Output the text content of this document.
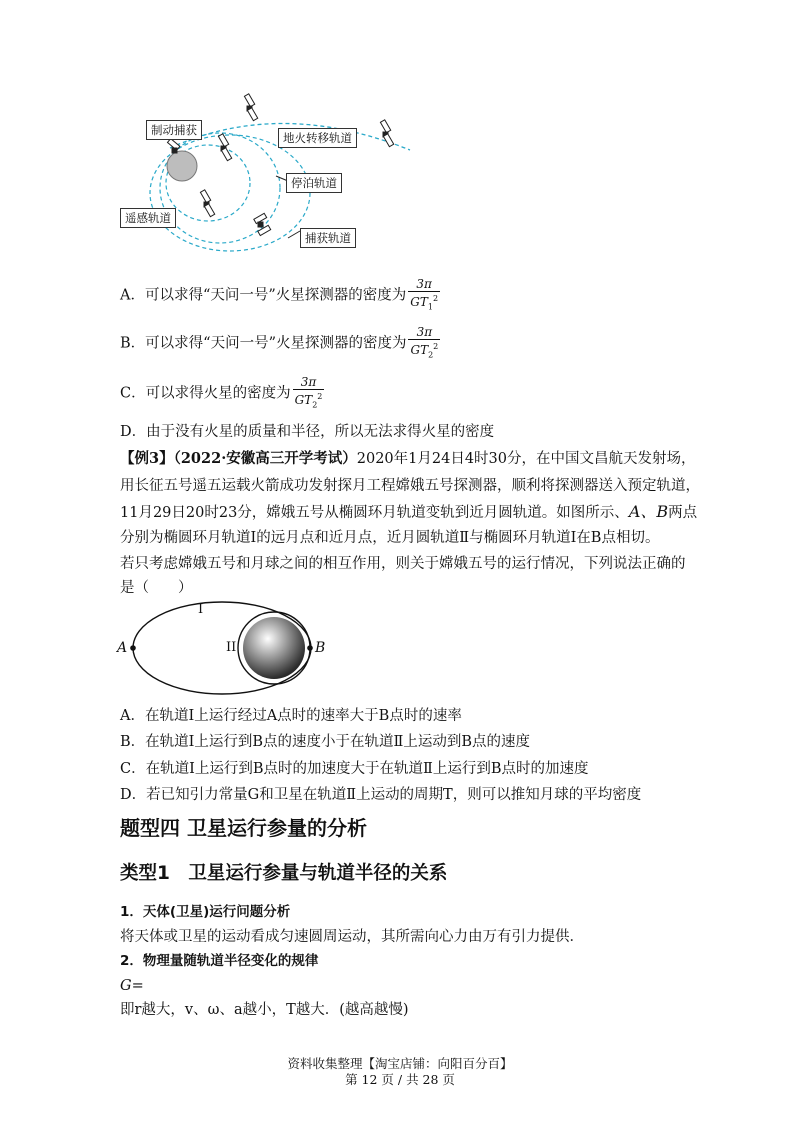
制动捕获
地火转移轨道
停泊轨道
遥感轨道
捕获轨道
A．可以求得“天问一号”火星探测器的密度为 $\frac{3\pi}{GT_1^2}$
B．可以求得“天问一号”火星探测器的密度为 $\frac{3\pi}{GT_2^2}$
C．可以求得火星的密度为 $\frac{3\pi}{GT_2^2}$
D．由于没有火星的质量和半径，所以无法求得火星的密度
【例3】（2022·安徽高三开学考试）2020年1月24日4时30分，在中国文昌航天发射场，
用长征五号遥五运载火箭成功发射探月工程嫦娥五号探测器，顺利将探测器送入预定轨道，
11月29日20时23分，嫦娥五号从椭圆环月轨道变轨到近月圆轨道。如图所示、A、B两点
分别为椭圆环月轨道Ⅰ的远月点和近月点，近月圆轨道Ⅱ与椭圆环月轨道Ⅰ在B点相切。
若只考虑嫦娥五号和月球之间的相互作用，则关于嫦娥五号的运行情况，下列说法正确的
是（　　）
I
II
A	B
A．在轨道Ⅰ上运行经过A点时的速率大于B点时的速率
B．在轨道Ⅰ上运行到B点的速度小于在轨道Ⅱ上运动到B点的速度
C．在轨道Ⅰ上运行到B点时的加速度大于在轨道Ⅱ上运行到B点时的加速度
D．若已知引力常量G和卫星在轨道Ⅱ上运动的周期T，则可以推知月球的平均密度
题型四 卫星运行参量的分析
类型1　卫星运行参量与轨道半径的关系
1．天体(卫星)运行问题分析
将天体或卫星的运动看成匀速圆周运动，其所需向心力由万有引力提供．
2．物理量随轨道半径变化的规律
G=
即r越大，v、ω、a越小，T越大．(越高越慢)
资料收集整理【淘宝店铺：向阳百分百】
第 12 页 / 共 28 页
